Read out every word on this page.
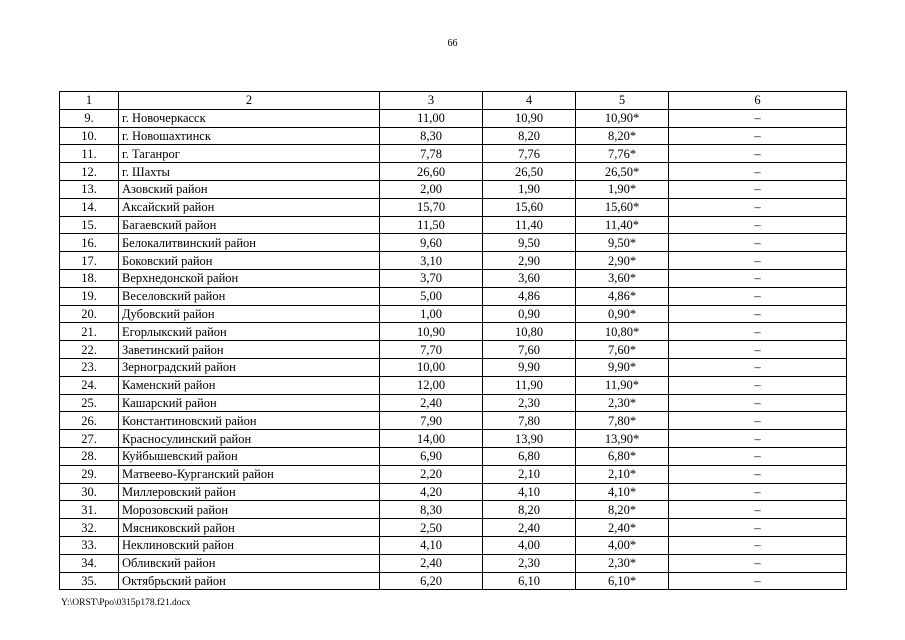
66
1	2	3	4	5	6
9.	г. Новочеркасск	11,00	10,90	10,90*	–
10.	г. Новошахтинск	8,30	8,20	8,20*	–
11.	г. Таганрог	7,78	7,76	7,76*	–
12.	г. Шахты	26,60	26,50	26,50*	–
13.	Азовский район	2,00	1,90	1,90*	–
14.	Аксайский район	15,70	15,60	15,60*	–
15.	Багаевский район	11,50	11,40	11,40*	–
16.	Белокалитвинский район	9,60	9,50	9,50*	–
17.	Боковский район	3,10	2,90	2,90*	–
18.	Верхнедонской район	3,70	3,60	3,60*	–
19.	Веселовский район	5,00	4,86	4,86*	–
20.	Дубовский район	1,00	0,90	0,90*	–
21.	Егорлыкский район	10,90	10,80	10,80*	–
22.	Заветинский район	7,70	7,60	7,60*	–
23.	Зерноградский район	10,00	9,90	9,90*	–
24.	Каменский район	12,00	11,90	11,90*	–
25.	Кашарский район	2,40	2,30	2,30*	–
26.	Константиновский район	7,90	7,80	7,80*	–
27.	Красносулинский район	14,00	13,90	13,90*	–
28.	Куйбышевский район	6,90	6,80	6,80*	–
29.	Матвеево-Курганский район	2,20	2,10	2,10*	–
30.	Миллеровский район	4,20	4,10	4,10*	–
31.	Морозовский район	8,30	8,20	8,20*	–
32.	Мясниковский район	2,50	2,40	2,40*	–
33.	Неклиновский район	4,10	4,00	4,00*	–
34.	Обливский район	2,40	2,30	2,30*	–
35.	Октябрьский район	6,20	6,10	6,10*	–
Y:\ORST\Ppo\0315p178.f21.docx
